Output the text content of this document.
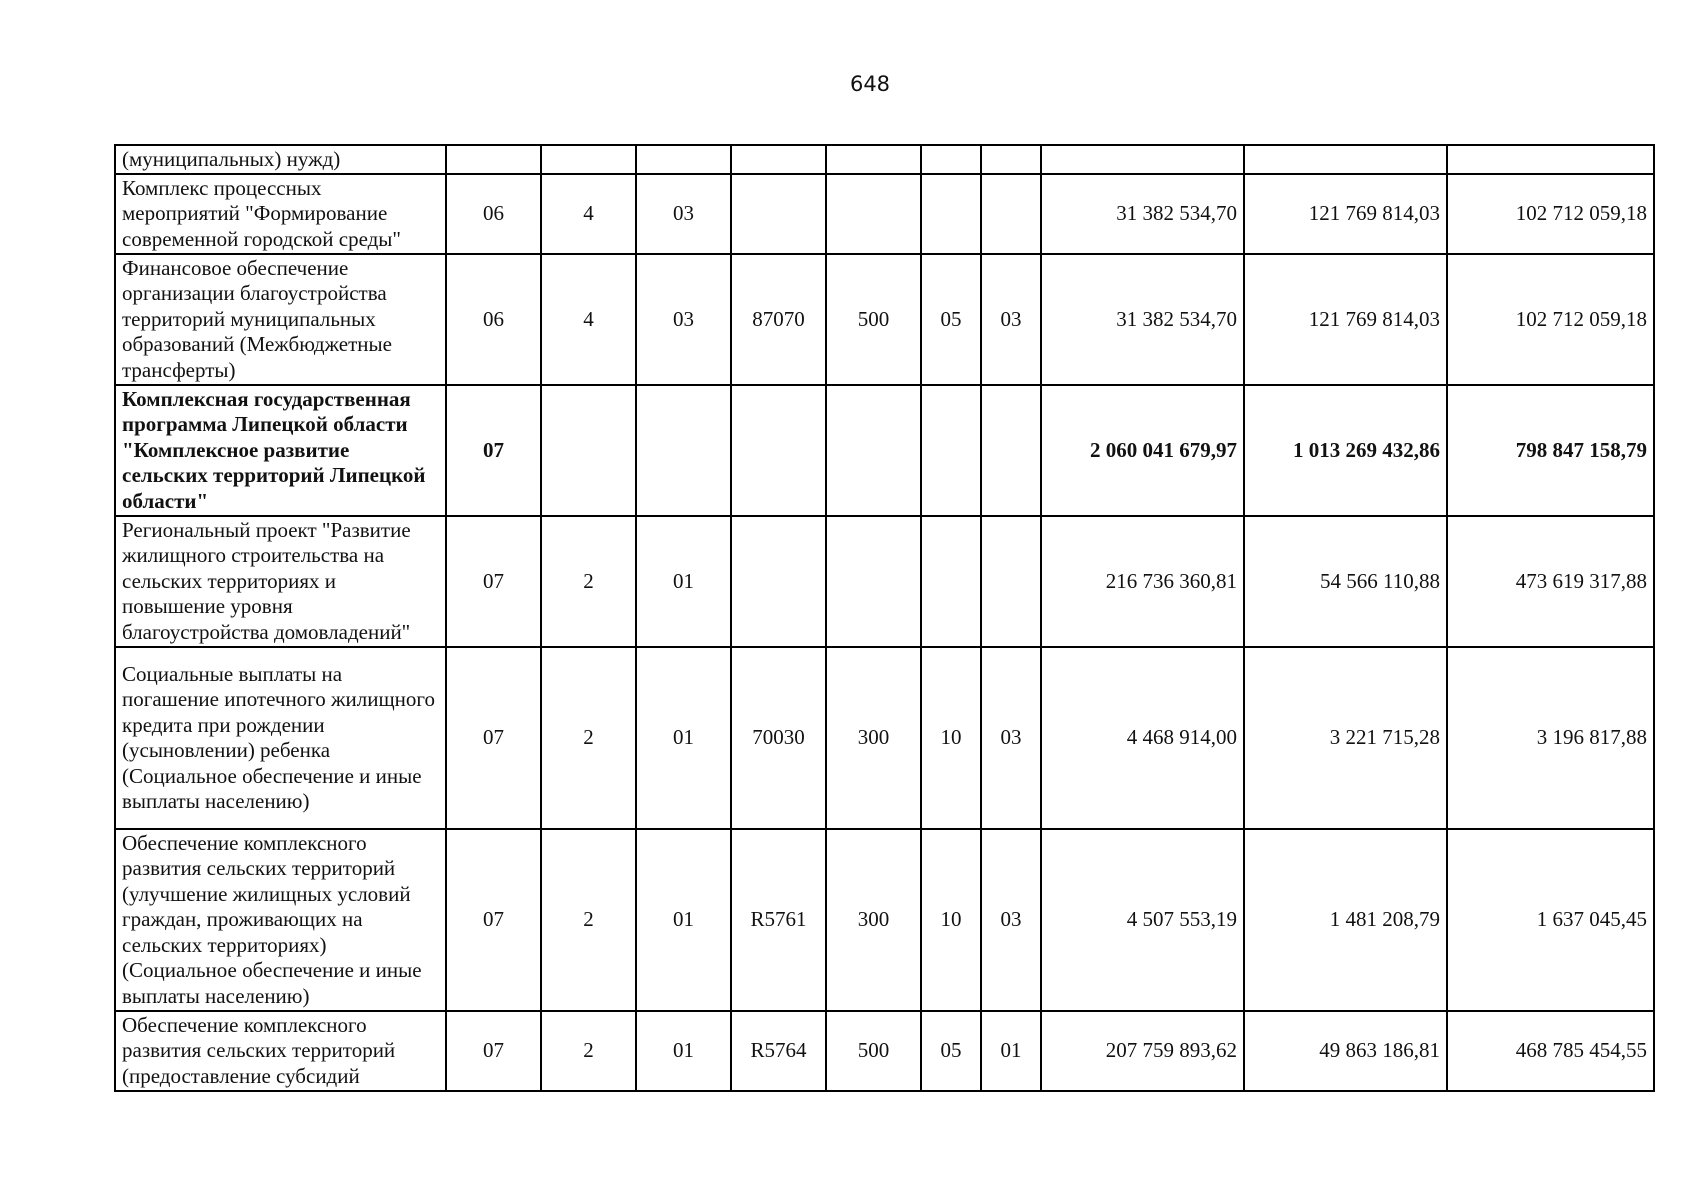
648
(муниципальных) нужд)										
Комплекс процессных мероприятий "Формирование современной городской среды"	06	4	03					31 382 534,70	121 769 814,03	102 712 059,18
Финансовое обеспечение организации благоустройства территорий муниципальных образований (Межбюджетные трансферты)	06	4	03	87070	500	05	03	31 382 534,70	121 769 814,03	102 712 059,18
Комплексная государственная программа Липецкой области "Комплексное развитие сельских территорий Липецкой области"	07							2 060 041 679,97	1 013 269 432,86	798 847 158,79
Региональный проект "Развитие жилищного строительства на сельских территориях и повышение уровня благоустройства домовладений"	07	2	01					216 736 360,81	54 566 110,88	473 619 317,88
Социальные выплаты на погашение ипотечного жилищного кредита при рождении (усыновлении) ребенка (Социальное обеспечение и иные выплаты населению)	07	2	01	70030	300	10	03	4 468 914,00	3 221 715,28	3 196 817,88
Обеспечение комплексного развития сельских территорий (улучшение жилищных условий граждан, проживающих на сельских территориях) (Социальное обеспечение и иные выплаты населению)	07	2	01	R5761	300	10	03	4 507 553,19	1 481 208,79	1 637 045,45
Обеспечение комплексного развития сельских территорий (предоставление субсидий	07	2	01	R5764	500	05	01	207 759 893,62	49 863 186,81	468 785 454,55
